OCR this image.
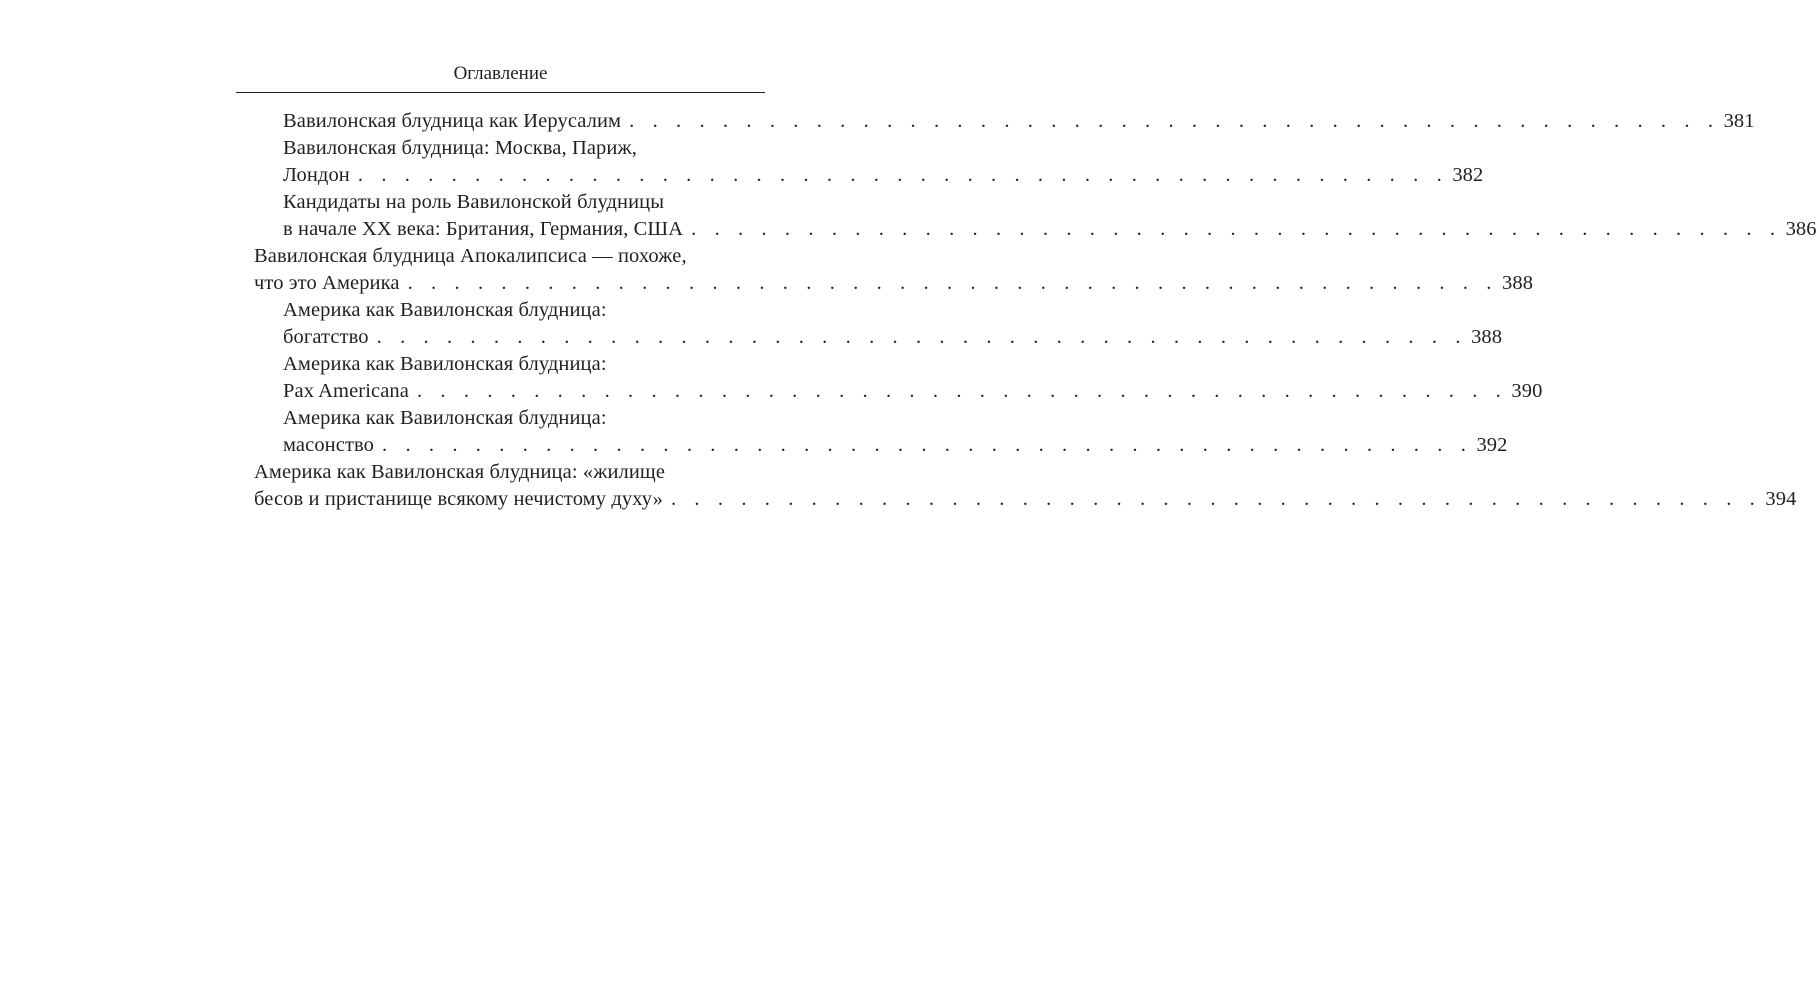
Оглавление
Вавилонская блудница как Иерусалим . . . . . . . . . . . . . . . . . . . . . . . . . . . . . . . . . . . . . . . . . . . . . . . 381
Вавилонская блудница: Москва, Париж,
Лондон . . . . . . . . . . . . . . . . . . . . . . . . . . . . . . . . . . . . . . . . . . . . . . . 382
Кандидаты на роль Вавилонской блудницы
в начале XX века: Британия, Германия, США . . . . . . . . . . . . . . . . . . . . . . . . . . . . . . . . . . . . . . . . . . . . . . . 386
Вавилонская блудница Апокалипсиса — похоже,
что это Америка . . . . . . . . . . . . . . . . . . . . . . . . . . . . . . . . . . . . . . . . . . . . . . . 388
Америка как Вавилонская блудница:
богатство . . . . . . . . . . . . . . . . . . . . . . . . . . . . . . . . . . . . . . . . . . . . . . . 388
Америка как Вавилонская блудница:
Pax Americana . . . . . . . . . . . . . . . . . . . . . . . . . . . . . . . . . . . . . . . . . . . . . . . 390
Америка как Вавилонская блудница:
масонство . . . . . . . . . . . . . . . . . . . . . . . . . . . . . . . . . . . . . . . . . . . . . . . 392
Америка как Вавилонская блудница: «жилище
бесов и пристанище всякому нечистому духу» . . . . . . . . . . . . . . . . . . . . . . . . . . . . . . . . . . . . . . . . . . . . . . . 394
